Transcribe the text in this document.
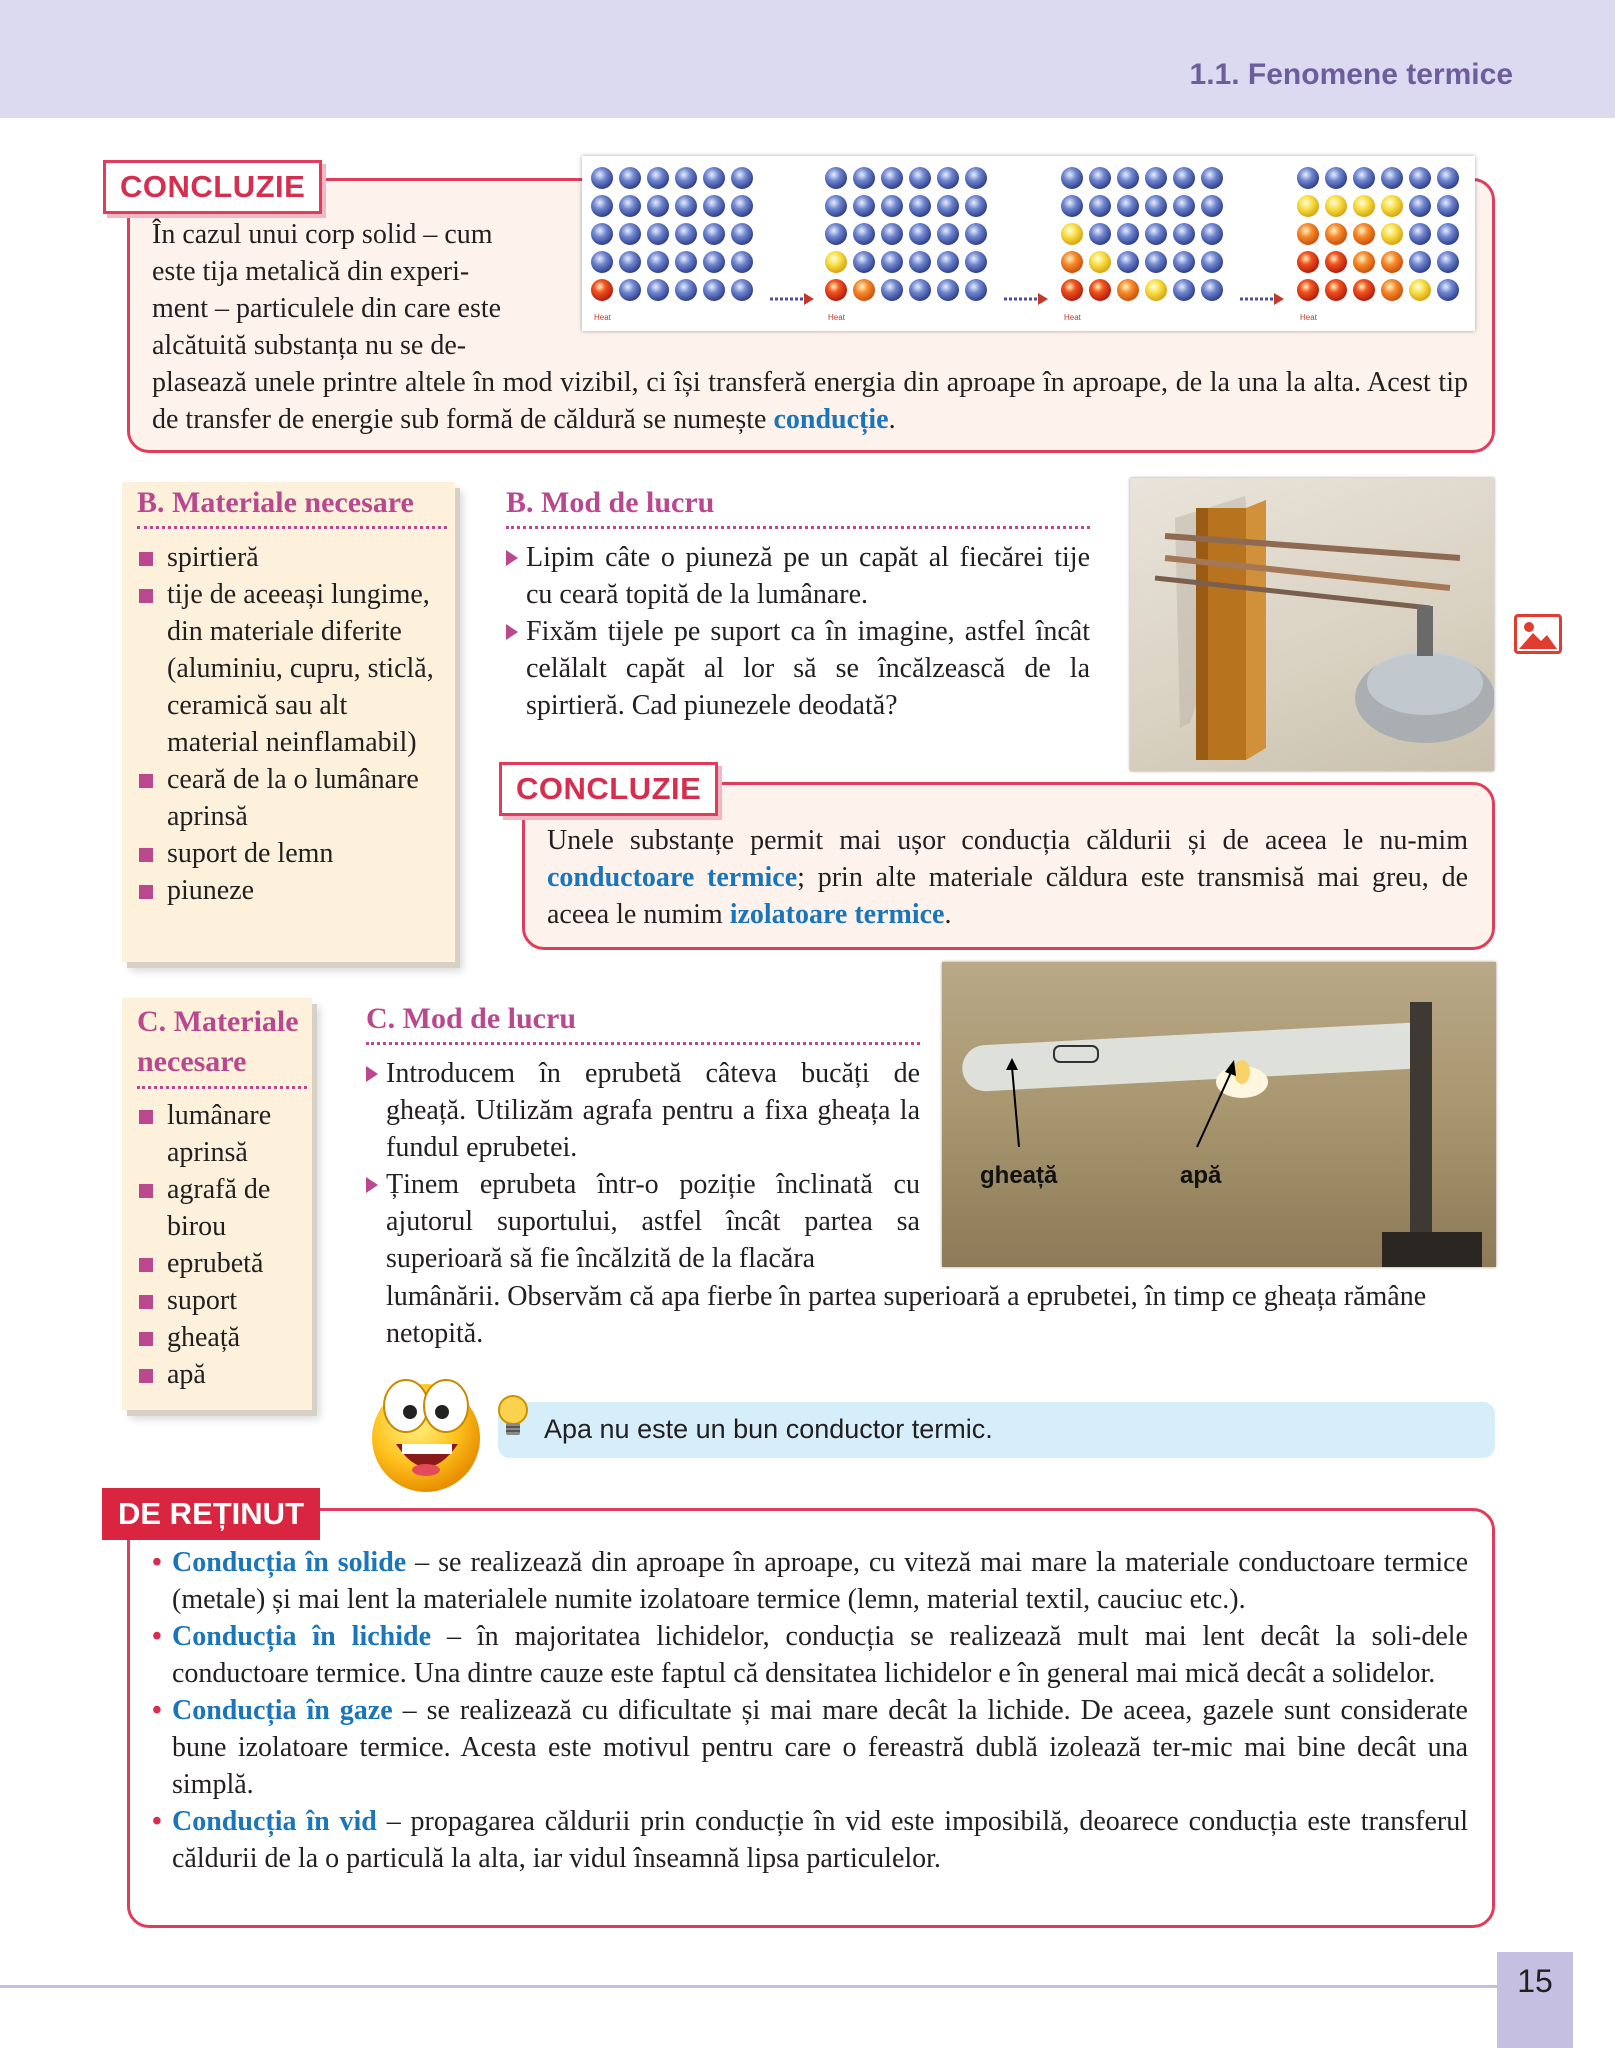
1.1. Fenomene termice
CONCLUZIE
În cazul unui corp solid – cum
este tija metalică din experi-
ment – particulele din care este
alcătuită substanța nu se de-
plasează unele printre altele în mod vizibil, ci își transferă energia din aproape în aproape, de la una la alta. Acest tip de transfer de energie sub formă de căldură se numește conducție.
Heat	Heat	Heat	Heat
B. Materiale necesare
spirtieră
tije de aceeași lungime, din materiale diferite (aluminiu, cupru, sticlă, ceramică sau alt material neinflamabil)
ceară de la o lumânare aprinsă
suport de lemn
piuneze
B. Mod de lucru
Lipim câte o piuneză pe un capăt al fiecărei tije cu ceară topită de la lumânare.
Fixăm tijele pe suport ca în imagine, astfel încât celălalt capăt al lor să se încălzească de la spirtieră. Cad piunezele deodată?
CONCLUZIE
Unele substanțe permit mai ușor conducția căldurii și de aceea le nu-mim conductoare termice; prin alte materiale căldura este transmisă mai greu, de aceea le numim izolatoare termice.
C. Materiale
necesare
lumânare aprinsă
agrafă de birou
eprubetă
suport
gheață
apă
C. Mod de lucru
Introducem în eprubetă câteva bucăți de gheață. Utilizăm agrafa pentru a fixa gheața la fundul eprubetei.
Ținem eprubeta într-o poziție înclinată cu ajutorul suportului, astfel încât partea sa superioară să fie încălzită de la flacăra
lumânării. Observăm că apa fierbe în partea superioară a eprubetei, în timp ce gheața rămâne netopită.
gheață	apă
Apa nu este un bun conductor termic.
DE REȚINUT
• Conducția în solide – se realizează din aproape în aproape, cu viteză mai mare la materiale conductoare termice (metale) și mai lent la materialele numite izolatoare termice (lemn, material textil, cauciuc etc.).
• Conducția în lichide – în majoritatea lichidelor, conducția se realizează mult mai lent decât la soli-dele conductoare termice. Una dintre cauze este faptul că densitatea lichidelor e în general mai mică decât a solidelor.
• Conducția în gaze – se realizează cu dificultate și mai mare decât la lichide. De aceea, gazele sunt considerate bune izolatoare termice. Acesta este motivul pentru care o fereastră dublă izolează ter-mic mai bine decât una simplă.
• Conducția în vid – propagarea căldurii prin conducție în vid este imposibilă, deoarece conducția este transferul căldurii de la o particulă la alta, iar vidul înseamnă lipsa particulelor.
15
